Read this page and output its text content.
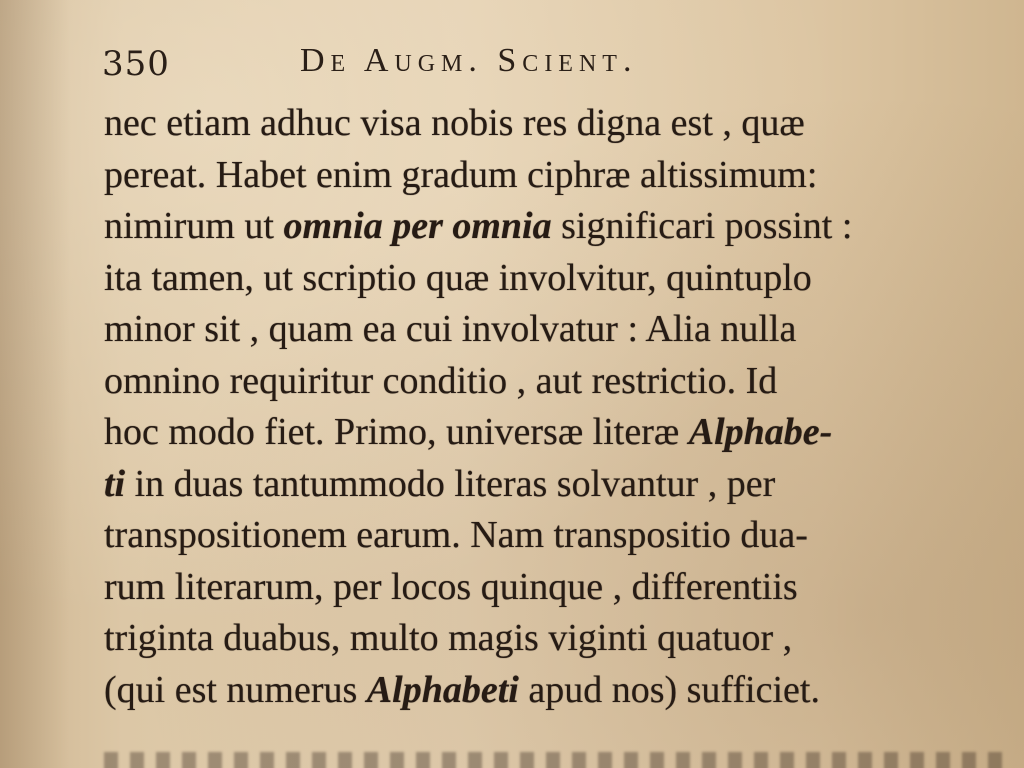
350	De Augm. Scient.
nec etiam adhuc visa nobis res digna est , quæ
pereat. Habet enim gradum ciphræ altissimum:
nimirum ut omnia per omnia significari possint :
ita tamen, ut scriptio quæ involvitur, quintuplo
minor sit , quam ea cui involvatur : Alia nulla
omnino requiritur conditio , aut restrictio. Id
hoc modo fiet. Primo, universæ literæ Alphabe-
ti in duas tantummodo literas solvantur , per
transpositionem earum. Nam transpositio dua-
rum literarum, per locos quinque , differentiis
triginta duabus, multo magis viginti quatuor ,
(qui est numerus Alphabeti apud nos) sufficiet.
